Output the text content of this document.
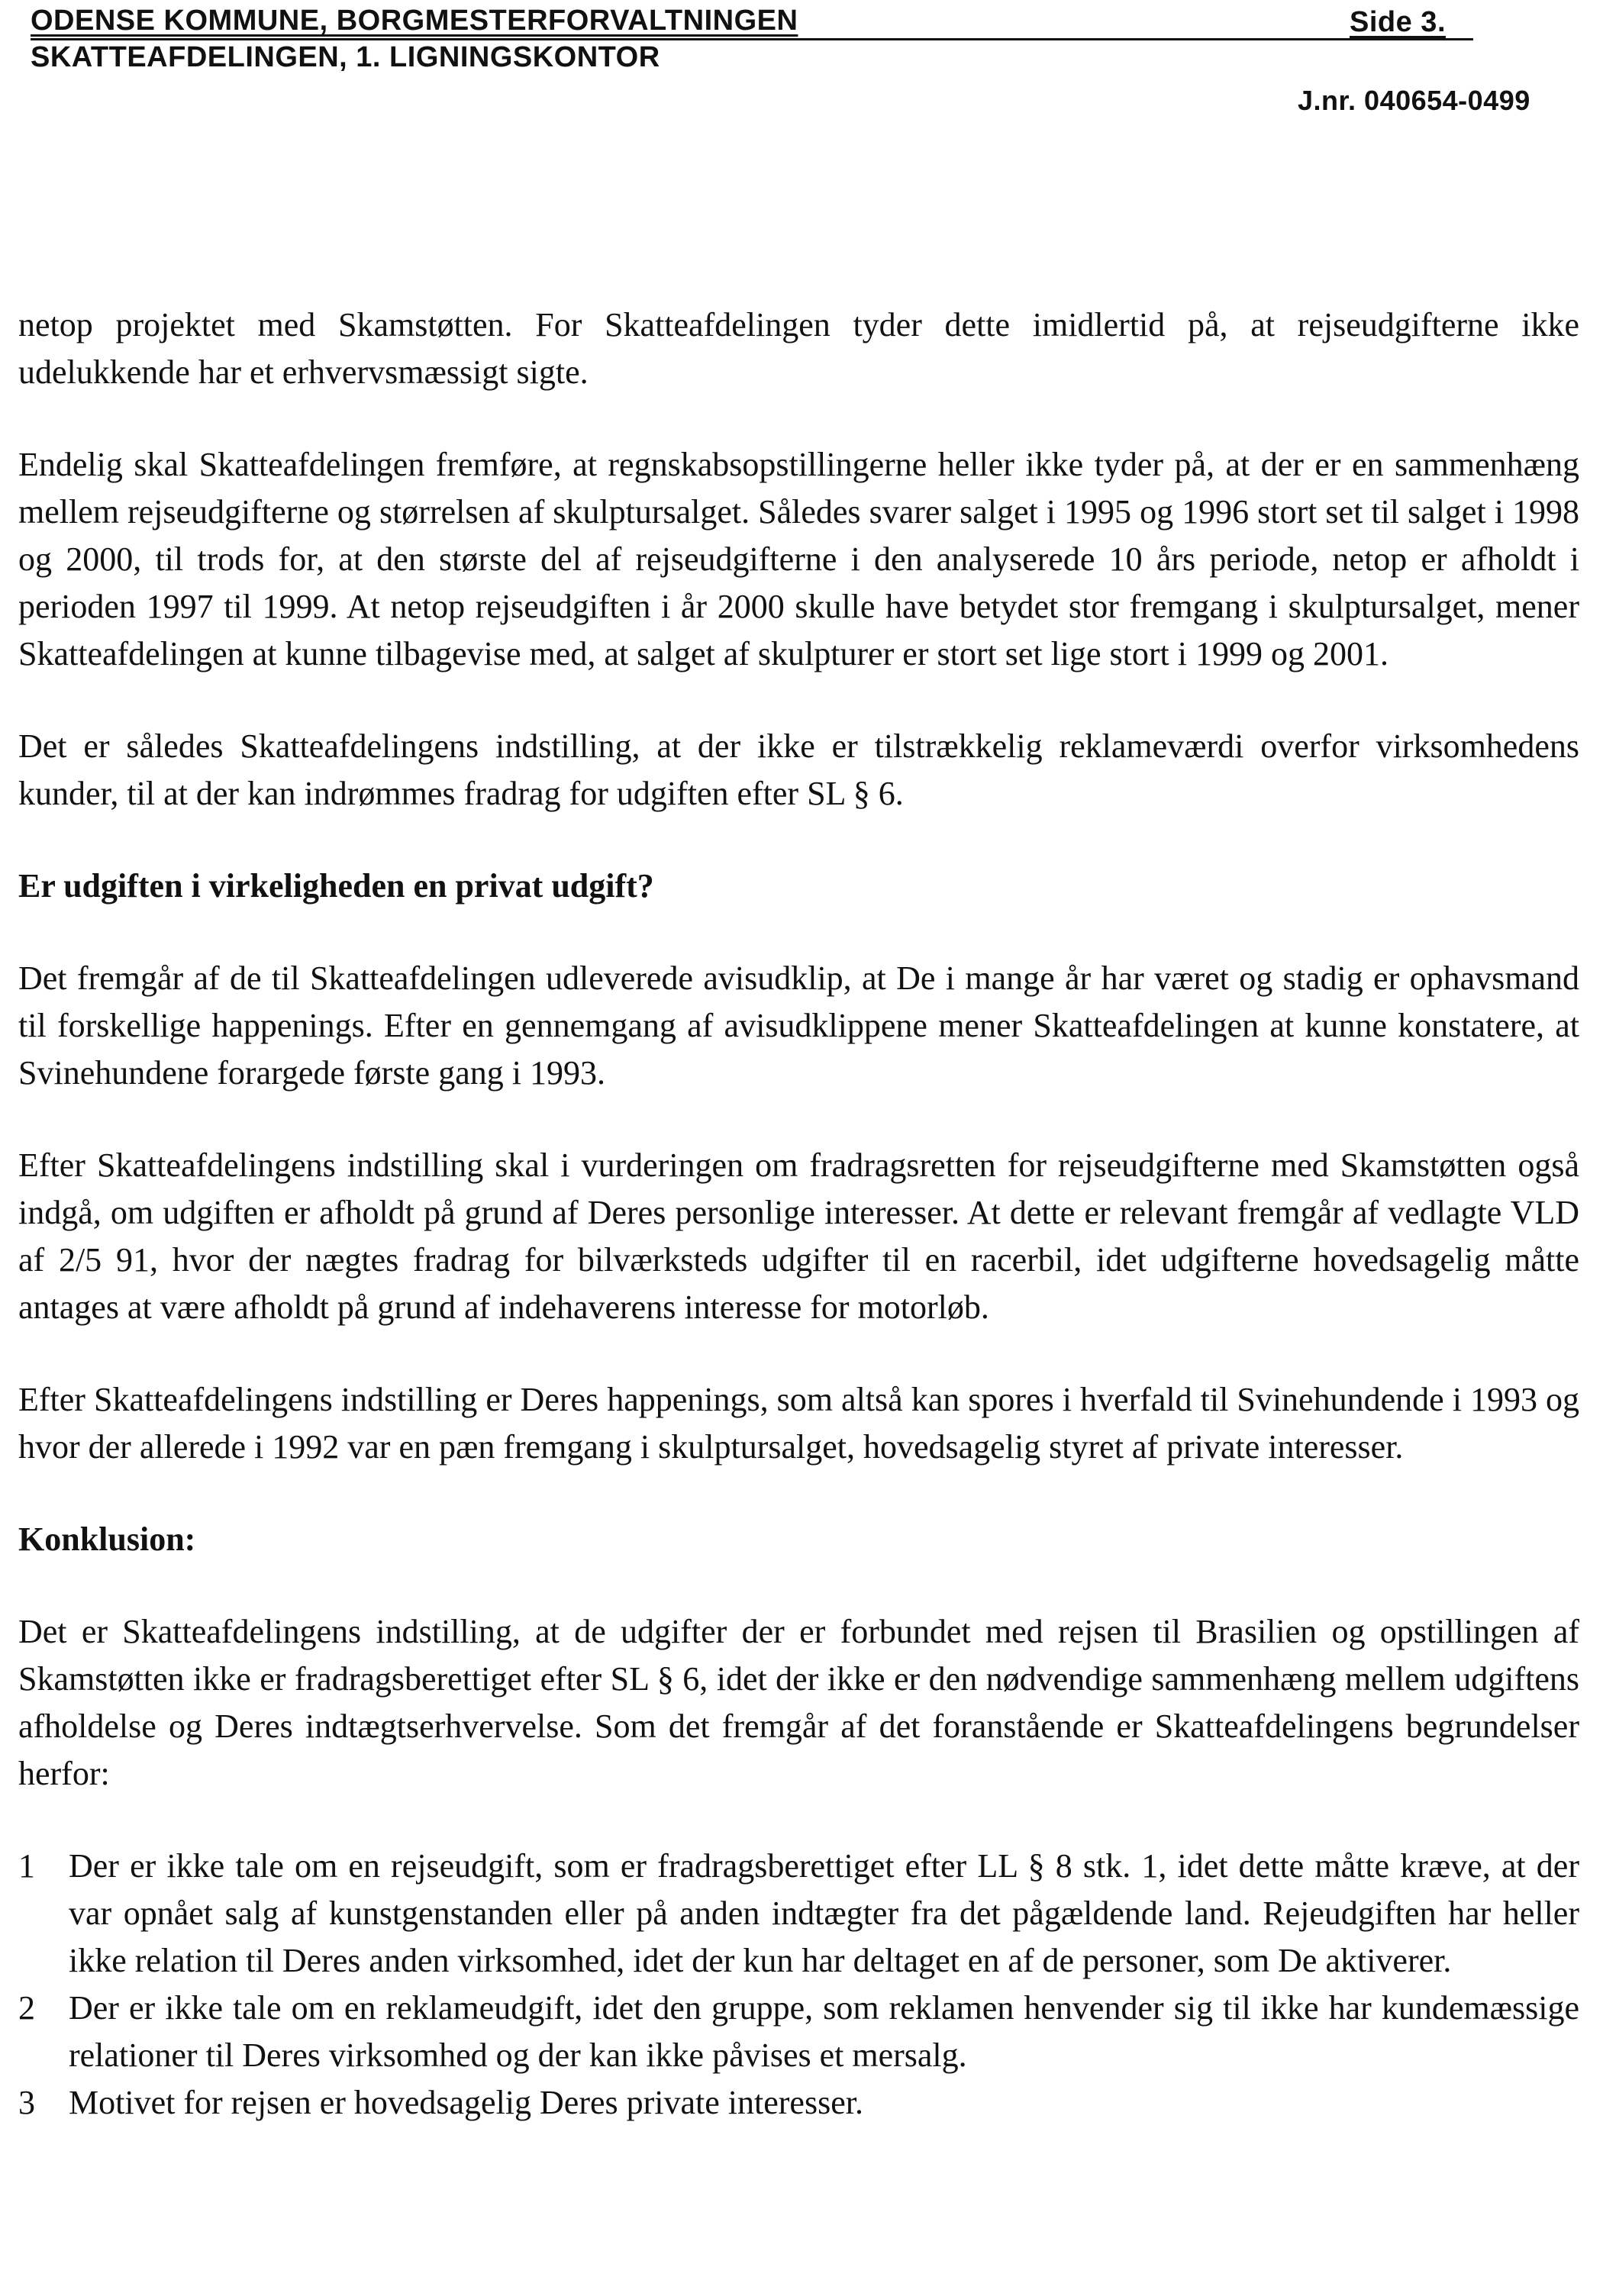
ODENSE KOMMUNE, BORGMESTERFORVALTNINGEN	Side 3.
SKATTEAFDELINGEN, 1. LIGNINGSKONTOR
J.nr. 040654-0499

netop projektet med Skamstøtten. For Skatteafdelingen tyder dette imidlertid på, at rejseudgifterne ikke udelukkende har et erhvervsmæssigt sigte.

Endelig skal Skatteafdelingen fremføre, at regnskabsopstillingerne heller ikke tyder på, at der er en sammenhæng mellem rejseudgifterne og størrelsen af skulptursalget. Således svarer salget i 1995 og 1996 stort set til salget i 1998 og 2000, til trods for, at den største del af rejseudgifterne i den analyserede 10 års periode, netop er afholdt i perioden 1997 til 1999. At netop rejseudgiften i år 2000 skulle have betydet stor fremgang i skulptursalget, mener Skatteafdelingen at kunne tilbagevise med, at salget af skulpturer er stort set lige stort i 1999 og 2001.

Det er således Skatteafdelingens indstilling, at der ikke er tilstrækkelig reklameværdi overfor virksomhedens kunder, til at der kan indrømmes fradrag for udgiften efter SL § 6.

Er udgiften i virkeligheden en privat udgift?

Det fremgår af de til Skatteafdelingen udleverede avisudklip, at De i mange år har været og stadig er ophavsmand til forskellige happenings. Efter en gennemgang af avisudklippene mener Skatteafdelingen at kunne konstatere, at Svinehundene forargede første gang i 1993.

Efter Skatteafdelingens indstilling skal i vurderingen om fradragsretten for rejseudgifterne med Skamstøtten også indgå, om udgiften er afholdt på grund af Deres personlige interesser. At dette er relevant fremgår af vedlagte VLD af 2/5 91, hvor der nægtes fradrag for bilværksteds udgifter til en racerbil, idet udgifterne hovedsagelig måtte antages at være afholdt på grund af indehaverens interesse for motorløb.

Efter Skatteafdelingens indstilling er Deres happenings, som altså kan spores i hverfald til Svinehundende i 1993 og hvor der allerede i 1992 var en pæn fremgang i skulptursalget, hovedsagelig styret af private interesser.

Konklusion:

Det er Skatteafdelingens indstilling, at de udgifter der er forbundet med rejsen til Brasilien og opstillingen af Skamstøtten ikke er fradragsberettiget efter SL § 6, idet der ikke er den nødvendige sammenhæng mellem udgiftens afholdelse og Deres indtægtserhvervelse. Som det fremgår af det foranstående er Skatteafdelingens begrundelser herfor:

1	Der er ikke tale om en rejseudgift, som er fradragsberettiget efter LL § 8 stk. 1, idet dette måtte kræve, at der var opnået salg af kunstgenstanden eller på anden indtægter fra det pågældende land. Rejeudgiften har heller ikke relation til Deres anden virksomhed, idet der kun har deltaget en af de personer, som De aktiverer.
2	Der er ikke tale om en reklameudgift, idet den gruppe, som reklamen henvender sig til ikke har kundemæssige relationer til Deres virksomhed og der kan ikke påvises et mersalg.
3	Motivet for rejsen er hovedsagelig Deres private interesser.
